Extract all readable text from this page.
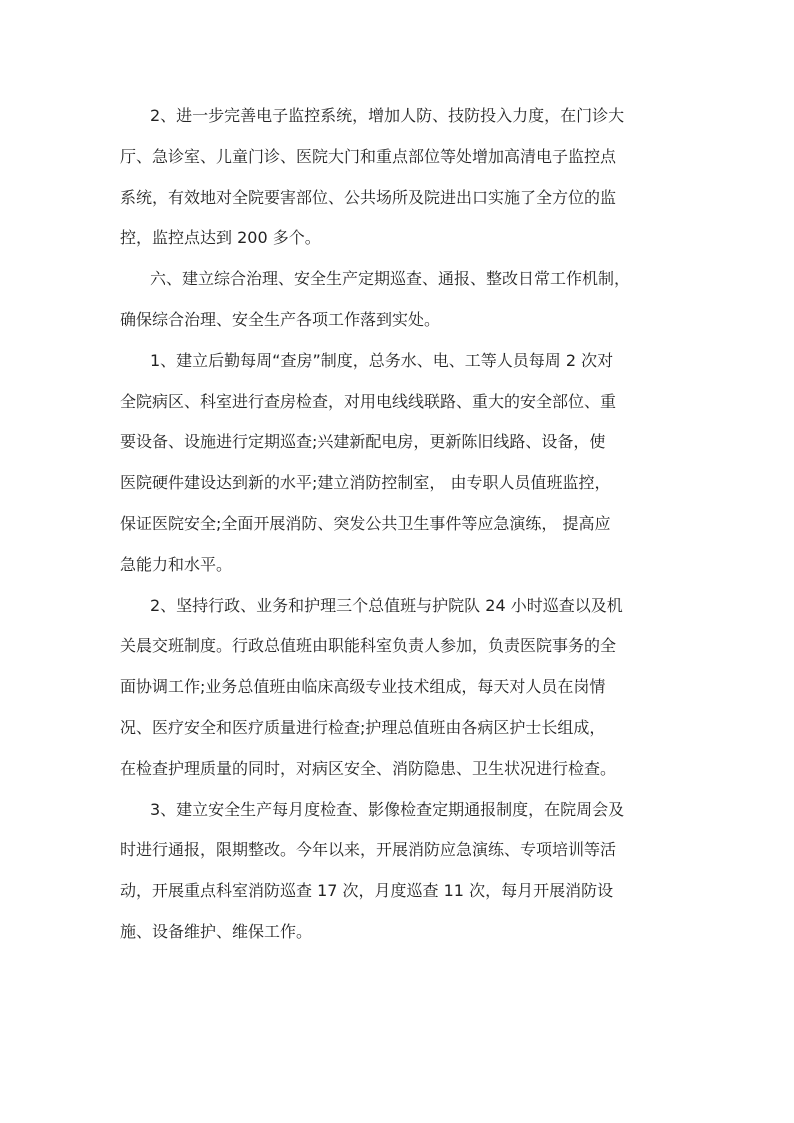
2、进一步完善电子监控系统，增加人防、技防投入力度，在门诊大
厅、急诊室、儿童门诊、医院大门和重点部位等处增加高清电子监控点
系统，有效地对全院要害部位、公共场所及院进出口实施了全方位的监
控，监控点达到 200 多个。
六、建立综合治理、安全生产定期巡查、通报、整改日常工作机制，
确保综合治理、安全生产各项工作落到实处。
1、建立后勤每周“查房”制度，总务水、电、工等人员每周 2 次对
全院病区、科室进行查房检查，对用电线线联路、重大的安全部位、重
要设备、设施进行定期巡查;兴建新配电房，更新陈旧线路、设备，使
医院硬件建设达到新的水平;建立消防控制室， 由专职人员值班监控，
保证医院安全;全面开展消防、突发公共卫生事件等应急演练， 提高应
急能力和水平。
2、坚持行政、业务和护理三个总值班与护院队 24 小时巡查以及机
关晨交班制度。行政总值班由职能科室负责人参加，负责医院事务的全
面协调工作;业务总值班由临床高级专业技术组成，每天对人员在岗情
况、医疗安全和医疗质量进行检查;护理总值班由各病区护士长组成，
在检查护理质量的同时，对病区安全、消防隐患、卫生状况进行检查。
3、建立安全生产每月度检查、影像检查定期通报制度，在院周会及
时进行通报，限期整改。今年以来，开展消防应急演练、专项培训等活
动，开展重点科室消防巡查 17 次，月度巡查 11 次，每月开展消防设
施、设备维护、维保工作。
